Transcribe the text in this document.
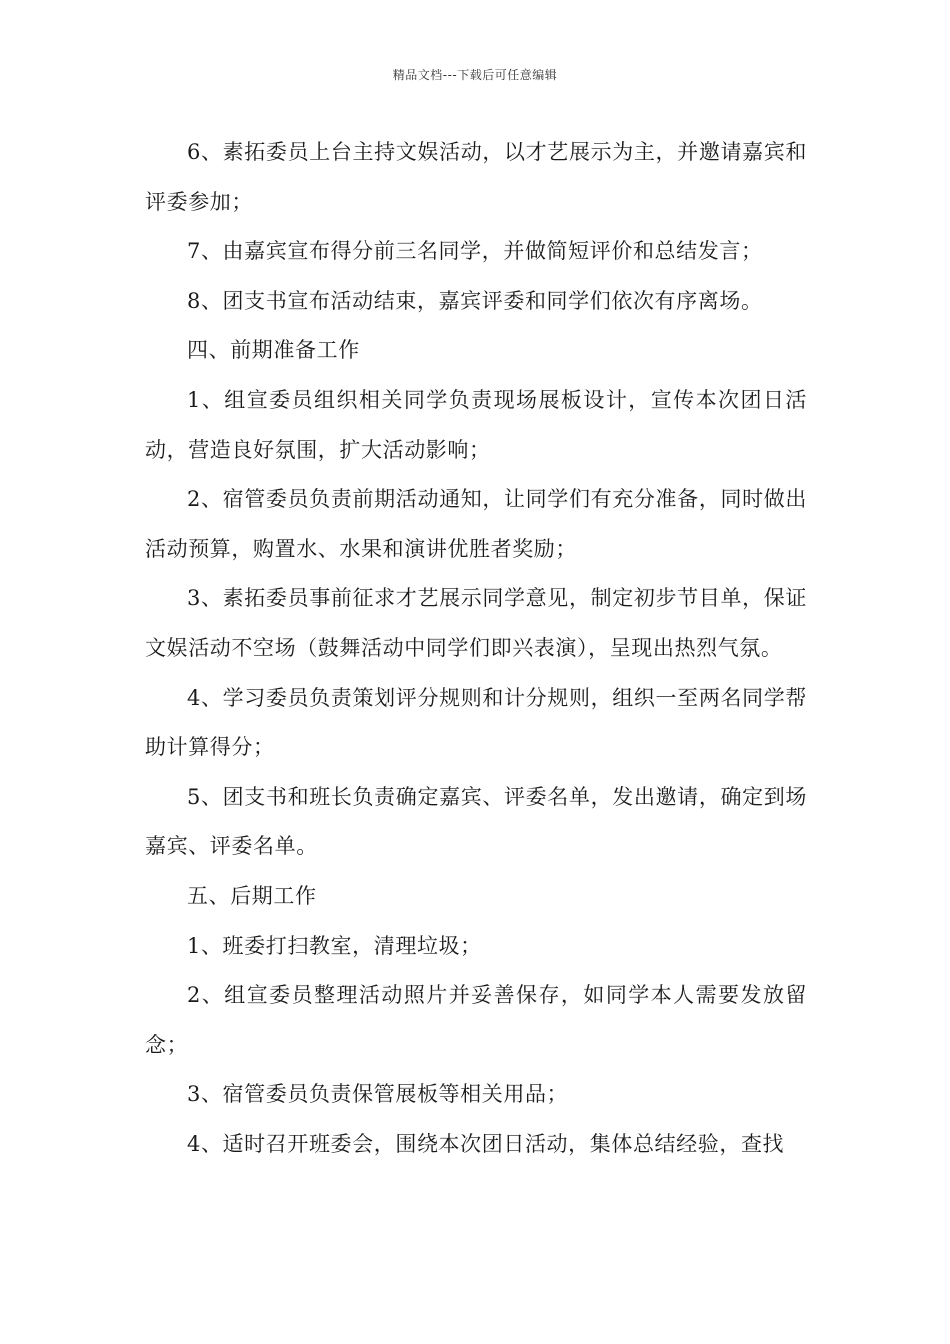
精品文档---下载后可任意编辑

6、素拓委员上台主持文娱活动，以才艺展示为主，并邀请嘉宾和评委参加；

7、由嘉宾宣布得分前三名同学，并做简短评价和总结发言；

8、团支书宣布活动结束，嘉宾评委和同学们依次有序离场。

四、前期准备工作

1、组宣委员组织相关同学负责现场展板设计，宣传本次团日活动，营造良好氛围，扩大活动影响；

2、宿管委员负责前期活动通知，让同学们有充分准备，同时做出活动预算，购置水、水果和演讲优胜者奖励；

3、素拓委员事前征求才艺展示同学意见，制定初步节目单，保证文娱活动不空场（鼓舞活动中同学们即兴表演），呈现出热烈气氛。

4、学习委员负责策划评分规则和计分规则，组织一至两名同学帮助计算得分；

5、团支书和班长负责确定嘉宾、评委名单，发出邀请，确定到场嘉宾、评委名单。

五、后期工作

1、班委打扫教室，清理垃圾；

2、组宣委员整理活动照片并妥善保存，如同学本人需要发放留念；

3、宿管委员负责保管展板等相关用品；

4、适时召开班委会，围绕本次团日活动，集体总结经验，查找
